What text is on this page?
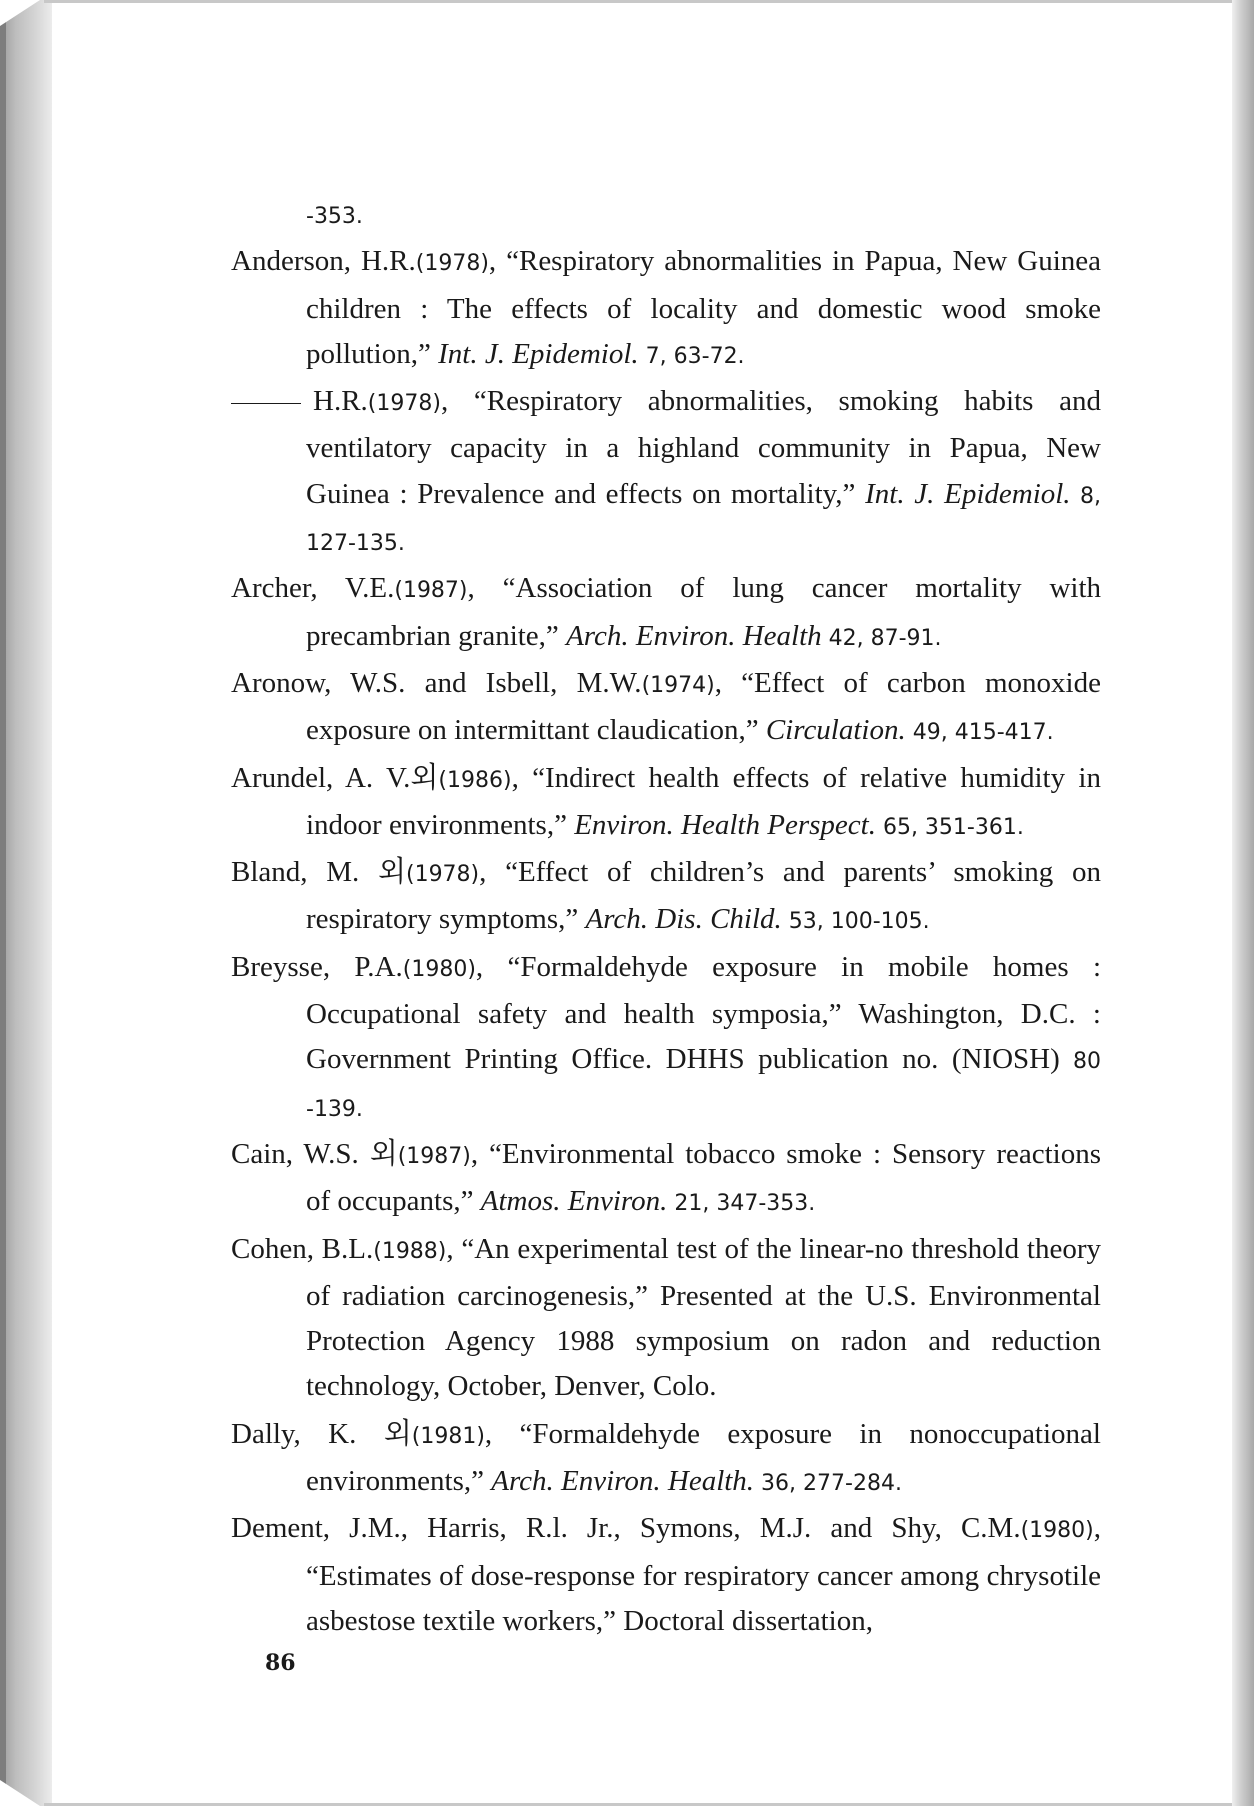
-353.

Anderson, H.R.(1978), “Respiratory abnormalities in Papua, New Guinea children : The effects of locality and domestic wood smoke pollution,” Int. J. Epidemiol. 7, 63-72.

H.R.(1978), “Respiratory abnormalities, smoking habits and ventilatory capacity in a highland community in Papua, New Guinea : Prevalence and effects on mortality,” Int. J. Epidemiol. 8, 127-135.

Archer, V.E.(1987), “Association of lung cancer mortality with precambrian granite,” Arch. Environ. Health 42, 87-91.

Aronow, W.S. and Isbell, M.W.(1974), “Effect of carbon monoxide exposure on intermittant claudication,” Circulation. 49, 415-417.

Arundel, A. V.외(1986), “Indirect health effects of relative humidity in indoor environments,” Environ. Health Perspect. 65, 351-361.

Bland, M. 외(1978), “Effect of children’s and parents’ smoking on respiratory symptoms,” Arch. Dis. Child. 53, 100-105.

Breysse, P.A.(1980), “Formaldehyde exposure in mobile homes : Occupational safety and health symposia,” Washington, D.C. : Government Printing Office. DHHS publication no. (NIOSH) 80 -139.

Cain, W.S. 외(1987), “Environmental tobacco smoke : Sensory reactions of occupants,” Atmos. Environ. 21, 347-353.

Cohen, B.L.(1988), “An experimental test of the linear-no threshold theory of radiation carcinogenesis,” Presented at the U.S. Environmental Protection Agency 1988 symposium on radon and reduction technology, October, Denver, Colo.

Dally, K. 외(1981), “Formaldehyde exposure in nonoccupational environments,” Arch. Environ. Health. 36, 277-284.

Dement, J.M., Harris, R.l. Jr., Symons, M.J. and Shy, C.M.(1980), “Estimates of dose-response for respiratory cancer among chrysotile asbestose textile workers,” Doctoral dissertation,

86
